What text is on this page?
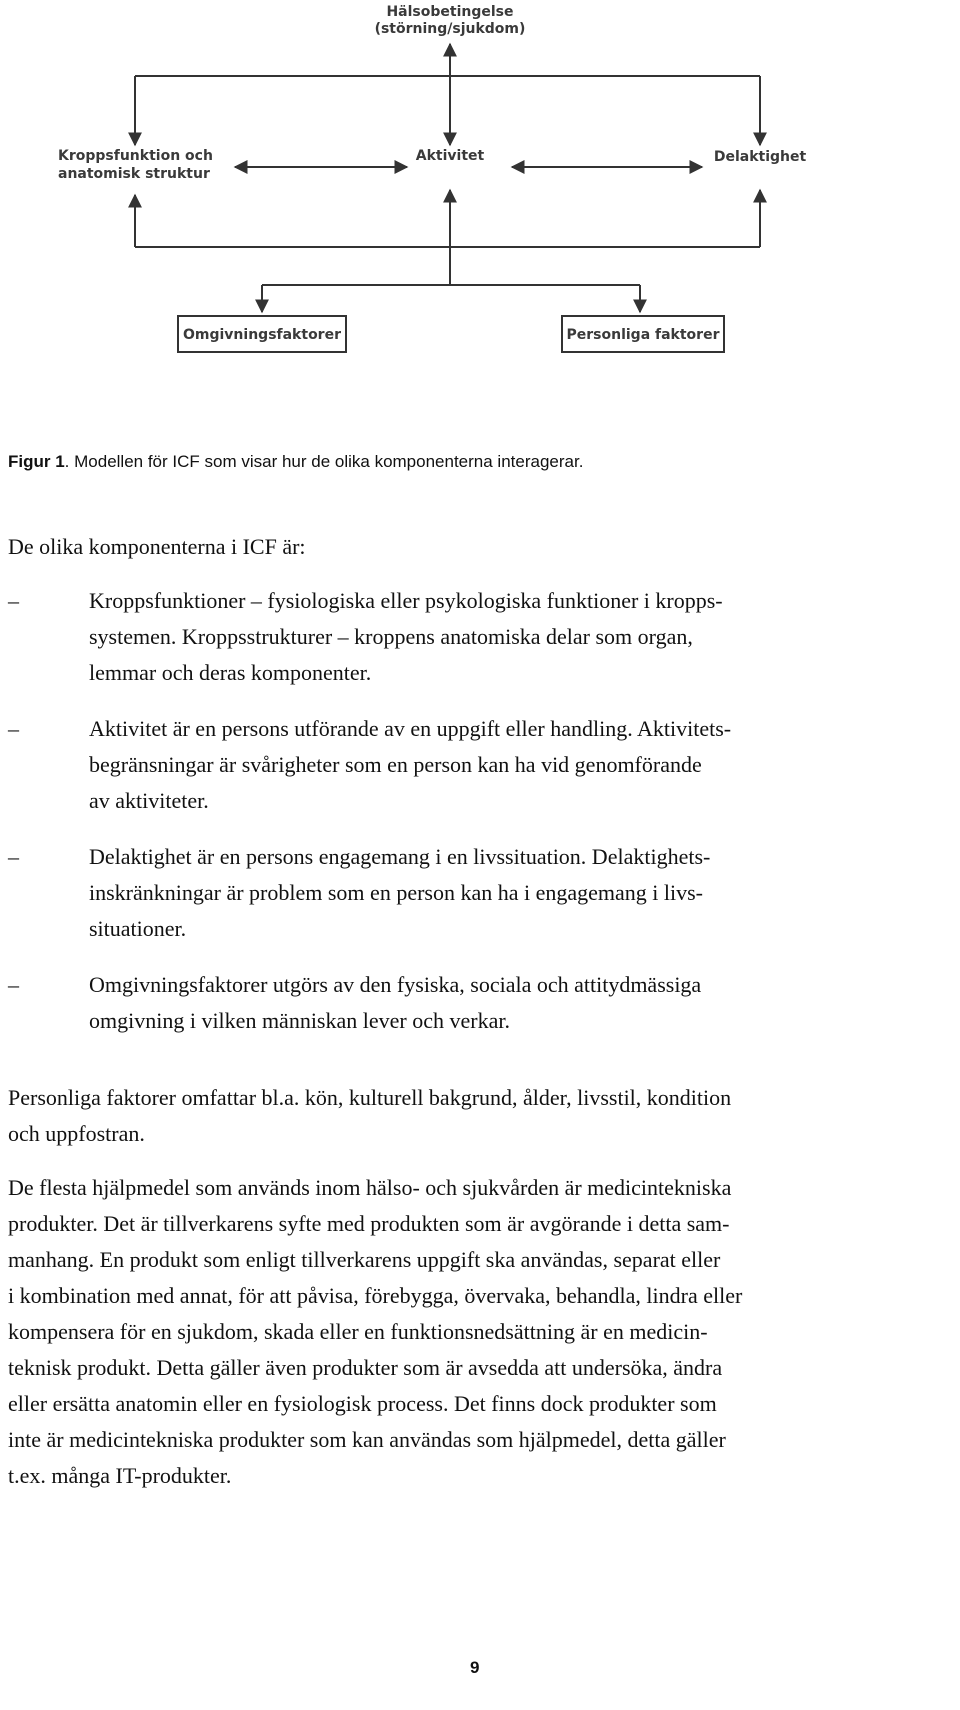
Hälsobetingelse
(störning/sjukdom)
Kroppsfunktion och
anatomisk struktur
Aktivitet	Delaktighet
Omgivningsfaktorer	Personliga faktorer
Figur 1. Modellen för ICF som visar hur de olika komponenterna interagerar.
De olika komponenterna i ICF är:
–	Kroppsfunktioner – fysiologiska eller psykologiska funktioner i kropps-
systemen. Kroppsstrukturer – kroppens anatomiska delar som organ,
lemmar och deras komponenter.
–	Aktivitet är en persons utförande av en uppgift eller handling. Aktivitets-
begränsningar är svårigheter som en person kan ha vid genomförande
av aktiviteter.
–	Delaktighet är en persons engagemang i en livssituation. Delaktighets-
inskränkningar är problem som en person kan ha i engagemang i livs-
situationer.
–	Omgivningsfaktorer utgörs av den fysiska, sociala och attitydmässiga
omgivning i vilken människan lever och verkar.
Personliga faktorer omfattar bl.a. kön, kulturell bakgrund, ålder, livsstil, kondition
och uppfostran.
De flesta hjälpmedel som används inom hälso- och sjukvården är medicintekniska
produkter. Det är tillverkarens syfte med produkten som är avgörande i detta sam-
manhang. En produkt som enligt tillverkarens uppgift ska användas, separat eller
i kombination med annat, för att påvisa, förebygga, övervaka, behandla, lindra eller
kompensera för en sjukdom, skada eller en funktionsnedsättning är en medicin-
teknisk produkt. Detta gäller även produkter som är avsedda att undersöka, ändra
eller ersätta anatomin eller en fysiologisk process. Det finns dock produkter som
inte är medicintekniska produkter som kan användas som hjälpmedel, detta gäller
t.ex. många IT-produkter.
9
